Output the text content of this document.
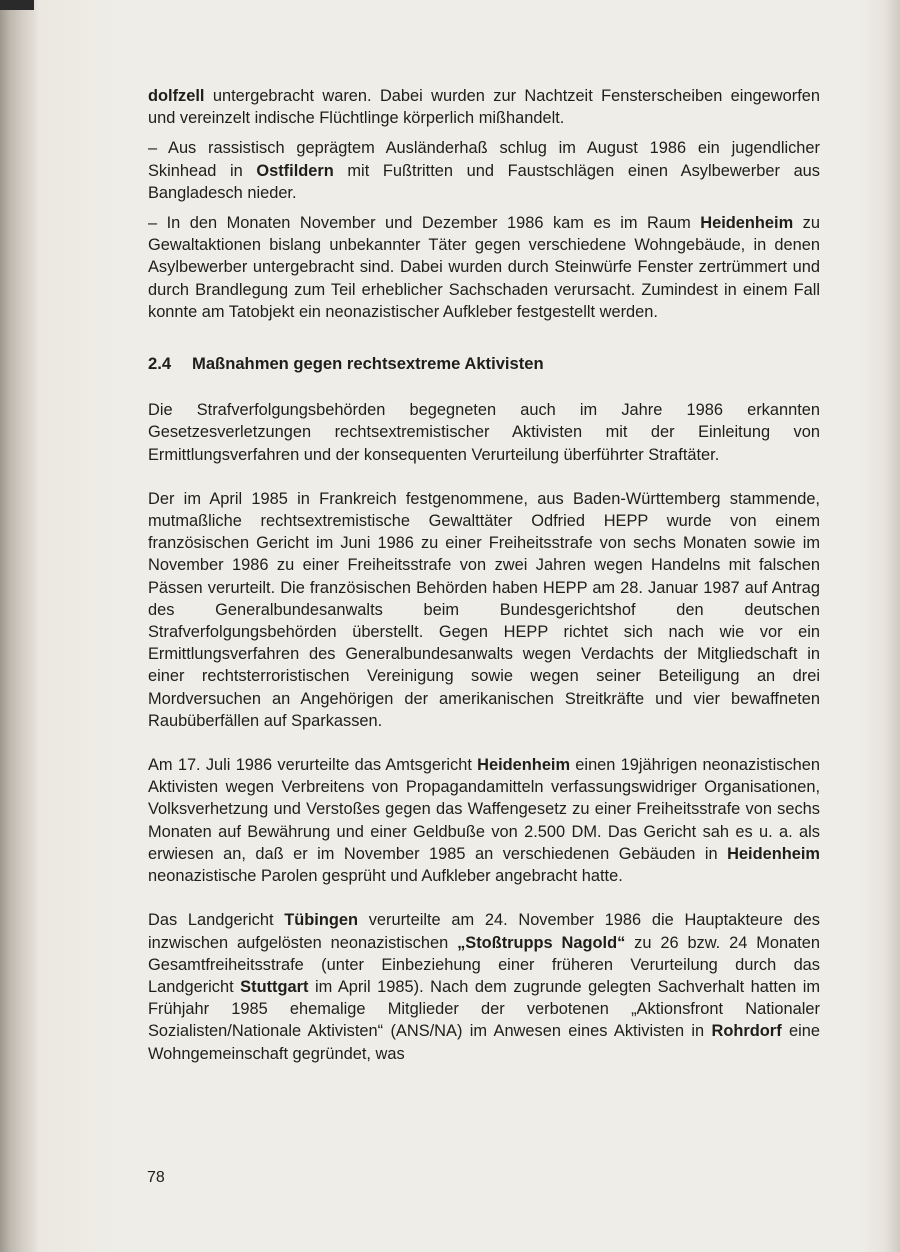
dolfzell untergebracht waren. Dabei wurden zur Nachtzeit Fensterscheiben eingeworfen und vereinzelt indische Flüchtlinge körperlich mißhandelt.

– Aus rassistisch geprägtem Ausländerhaß schlug im August 1986 ein jugendlicher Skinhead in Ostfildern mit Fußtritten und Faustschlägen einen Asylbewerber aus Bangladesch nieder.

– In den Monaten November und Dezember 1986 kam es im Raum Heidenheim zu Gewaltaktionen bislang unbekannter Täter gegen verschiedene Wohngebäude, in denen Asylbewerber untergebracht sind. Dabei wurden durch Steinwürfe Fenster zertrümmert und durch Brandlegung zum Teil erheblicher Sachschaden verursacht. Zumindest in einem Fall konnte am Tatobjekt ein neonazistischer Aufkleber festgestellt werden.

2.4 Maßnahmen gegen rechtsextreme Aktivisten

Die Strafverfolgungsbehörden begegneten auch im Jahre 1986 erkannten Gesetzesverletzungen rechtsextremistischer Aktivisten mit der Einleitung von Ermittlungsverfahren und der konsequenten Verurteilung überführter Straftäter.

Der im April 1985 in Frankreich festgenommene, aus Baden-Württemberg stammende, mutmaßliche rechtsextremistische Gewalttäter Odfried HEPP wurde von einem französischen Gericht im Juni 1986 zu einer Freiheitsstrafe von sechs Monaten sowie im November 1986 zu einer Freiheitsstrafe von zwei Jahren wegen Handelns mit falschen Pässen verurteilt. Die französischen Behörden haben HEPP am 28. Januar 1987 auf Antrag des Generalbundesanwalts beim Bundesgerichtshof den deutschen Strafverfolgungsbehörden überstellt. Gegen HEPP richtet sich nach wie vor ein Ermittlungsverfahren des Generalbundesanwalts wegen Verdachts der Mitgliedschaft in einer rechtsterroristischen Vereinigung sowie wegen seiner Beteiligung an drei Mordversuchen an Angehörigen der amerikanischen Streitkräfte und vier bewaffneten Raubüberfällen auf Sparkassen.

Am 17. Juli 1986 verurteilte das Amtsgericht Heidenheim einen 19jährigen neonazistischen Aktivisten wegen Verbreitens von Propagandamitteln verfassungswidriger Organisationen, Volksverhetzung und Verstoßes gegen das Waffengesetz zu einer Freiheitsstrafe von sechs Monaten auf Bewährung und einer Geldbuße von 2.500 DM. Das Gericht sah es u. a. als erwiesen an, daß er im November 1985 an verschiedenen Gebäuden in Heidenheim neonazistische Parolen gesprüht und Aufkleber angebracht hatte.

Das Landgericht Tübingen verurteilte am 24. November 1986 die Hauptakteure des inzwischen aufgelösten neonazistischen „Stoßtrupps Nagold“ zu 26 bzw. 24 Monaten Gesamtfreiheitsstrafe (unter Einbeziehung einer früheren Verurteilung durch das Landgericht Stuttgart im April 1985). Nach dem zugrunde gelegten Sachverhalt hatten im Frühjahr 1985 ehemalige Mitglieder der verbotenen „Aktionsfront Nationaler Sozialisten/Nationale Aktivisten“ (ANS/NA) im Anwesen eines Aktivisten in Rohrdorf eine Wohngemeinschaft gegründet, was

78
